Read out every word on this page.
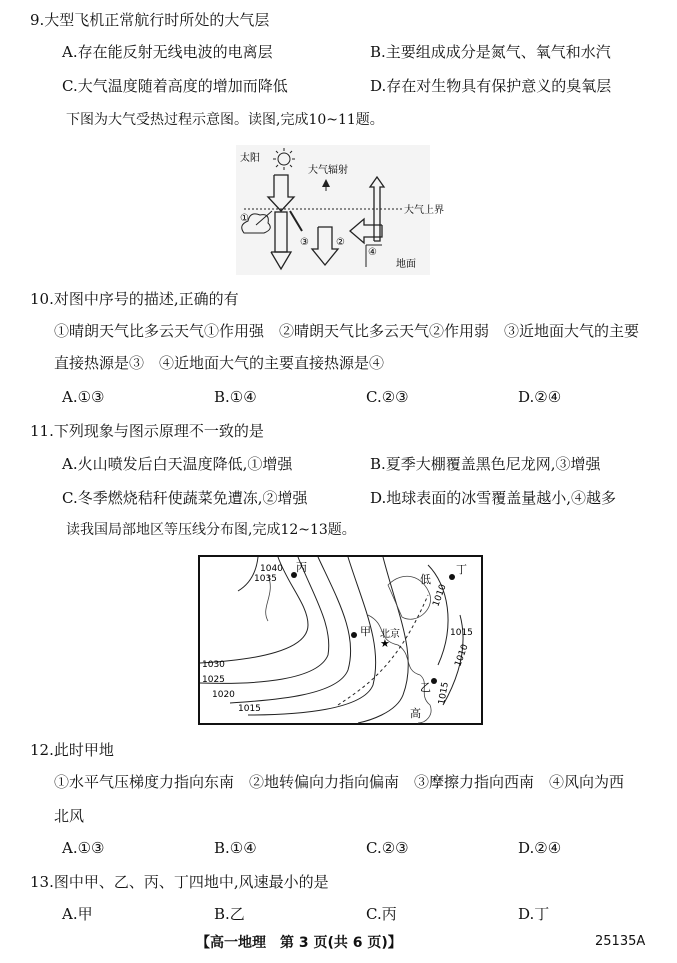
9.大型飞机正常航行时所处的大气层
A.存在能反射无线电波的电离层	B.主要组成成分是氮气、氧气和水汽
C.大气温度随着高度的增加而降低	D.存在对生物具有保护意义的臭氧层
下图为大气受热过程示意图。读图,完成10~11题。
太阳
大气辐射
大气上界
①
③	②
④
地面
10.对图中序号的描述,正确的有
①晴朗天气比多云天气①作用强　②晴朗天气比多云天气②作用弱　③近地面大气的主要
直接热源是③　④近地面大气的主要直接热源是④
A.①③	B.①④	C.②③	D.②④
11.下列现象与图示原理不一致的是
A.火山喷发后白天温度降低,①增强	B.夏季大棚覆盖黑色尼龙网,③增强
C.冬季燃烧秸秆使蔬菜免遭冻,②增强	D.地球表面的冰雪覆盖量越小,④越多
读我国局部地区等压线分布图,完成12~13题。
★
丙
甲
乙
丁
北京
低
高
1040
1035
1030
1025
1020
1015
1010
1015
1010
1015
12.此时甲地
①水平气压梯度力指向东南　②地转偏向力指向偏南　③摩擦力指向西南　④风向为西
北风
A.①③	B.①④	C.②③	D.②④
13.图中甲、乙、丙、丁四地中,风速最小的是
A.甲	B.乙	C.丙	D.丁
【高一地理　第 3 页(共 6 页)】	25135A
